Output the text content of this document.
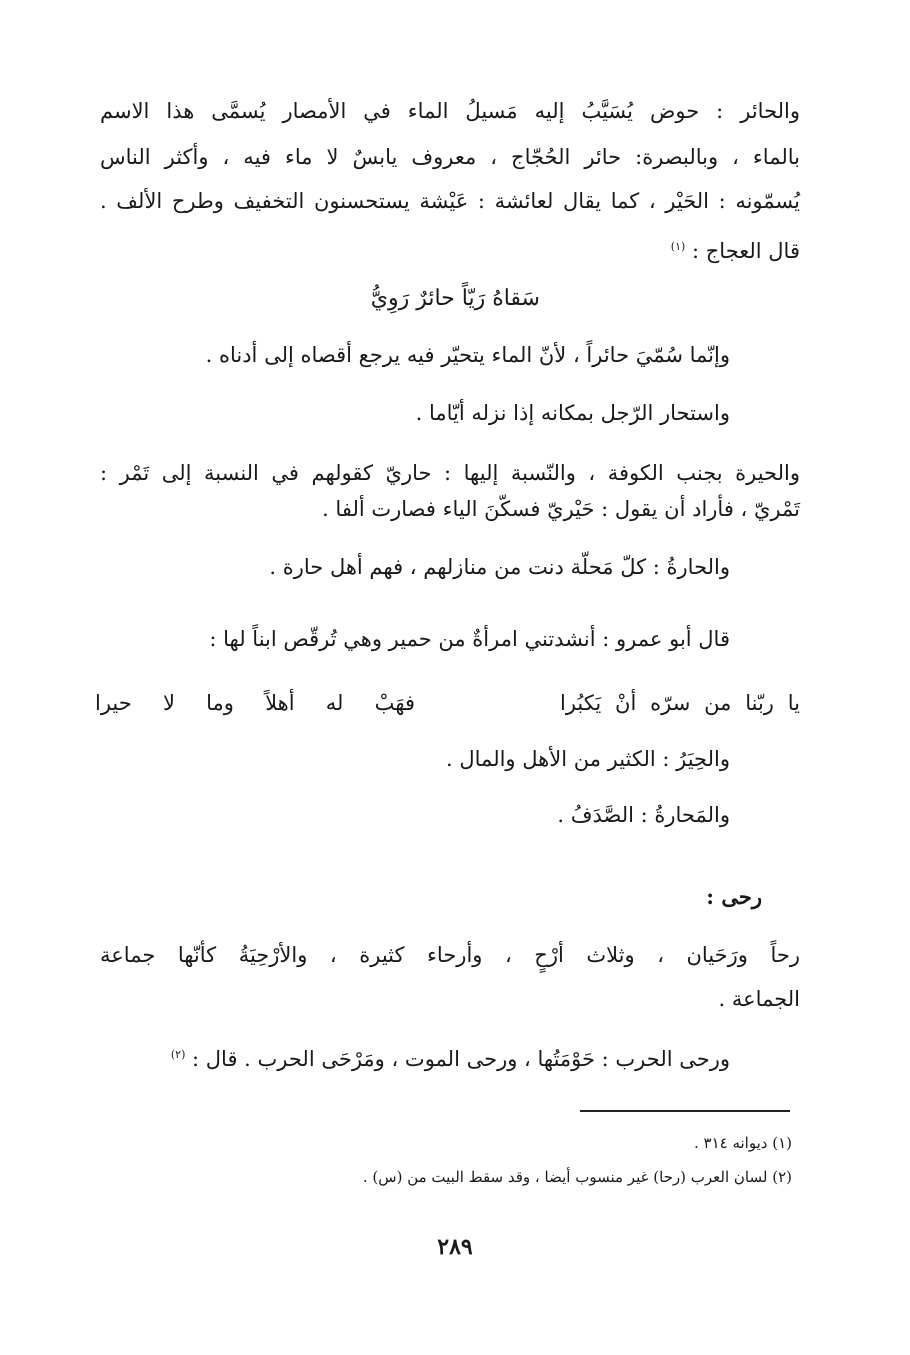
والحائر : حوض يُسَيَّبُ إليه مَسيلُ الماء في الأمصار يُسمَّى هذا الاسم

بالماء ، وبالبصرة: حائر الحُجّاج ، معروف يابسٌ لا ماء فيه ، وأكثر الناس

يُسمّونه : الحَيْر ، كما يقال لعائشة : عَيْشة يستحسنون التخفيف وطرح الألف .

قال العجاج : $^{(١)}$

سَقاهُ رَيّاً حائرٌ رَوِيُّ

وإنّما سُمّيَ حائراً ، لأنّ الماء يتحيّر فيه يرجع أقصاه إلى أدناه .

واستحار الرّجل بمكانه إذا نزله أيّاما .

والحيرة بجنب الكوفة ، والنّسبة إليها : حاريّ كقولهم في النسبة إلى تَمْر :

تَمْريّ ، فأراد أن يقول : حَيْريّ فسكّنَ الياء فصارت ألفا .

والحارةُ : كلّ مَحلّة دنت من منازلهم ، فهم أهل حارة .

قال أبو عمرو : أنشدتني امرأةٌ من حمير وهي تُرقّص ابناً لها :

يا ربّنا من سرّه أنْ يَكبُرا
فهَبْ له أهلاً وما لا حيرا

والحِيَرُ : الكثير من الأهل والمال .

والمَحارةُ : الصَّدَفُ .

رحى :

رحاً ورَحَيان ، وثلاث أرْحٍ ، وأرحاء كثيرة ، والأرْحِيَةُ كأنّها جماعة

الجماعة .

ورحى الحرب : حَوْمَتُها ، ورحى الموت ، ومَرْحَى الحرب . قال : $^{(٢)}$

(١) ديوانه ٣١٤ .

(٢) لسان العرب (رحا) غير منسوب أيضا ، وقد سقط البيت من (س) .

٢٨٩
